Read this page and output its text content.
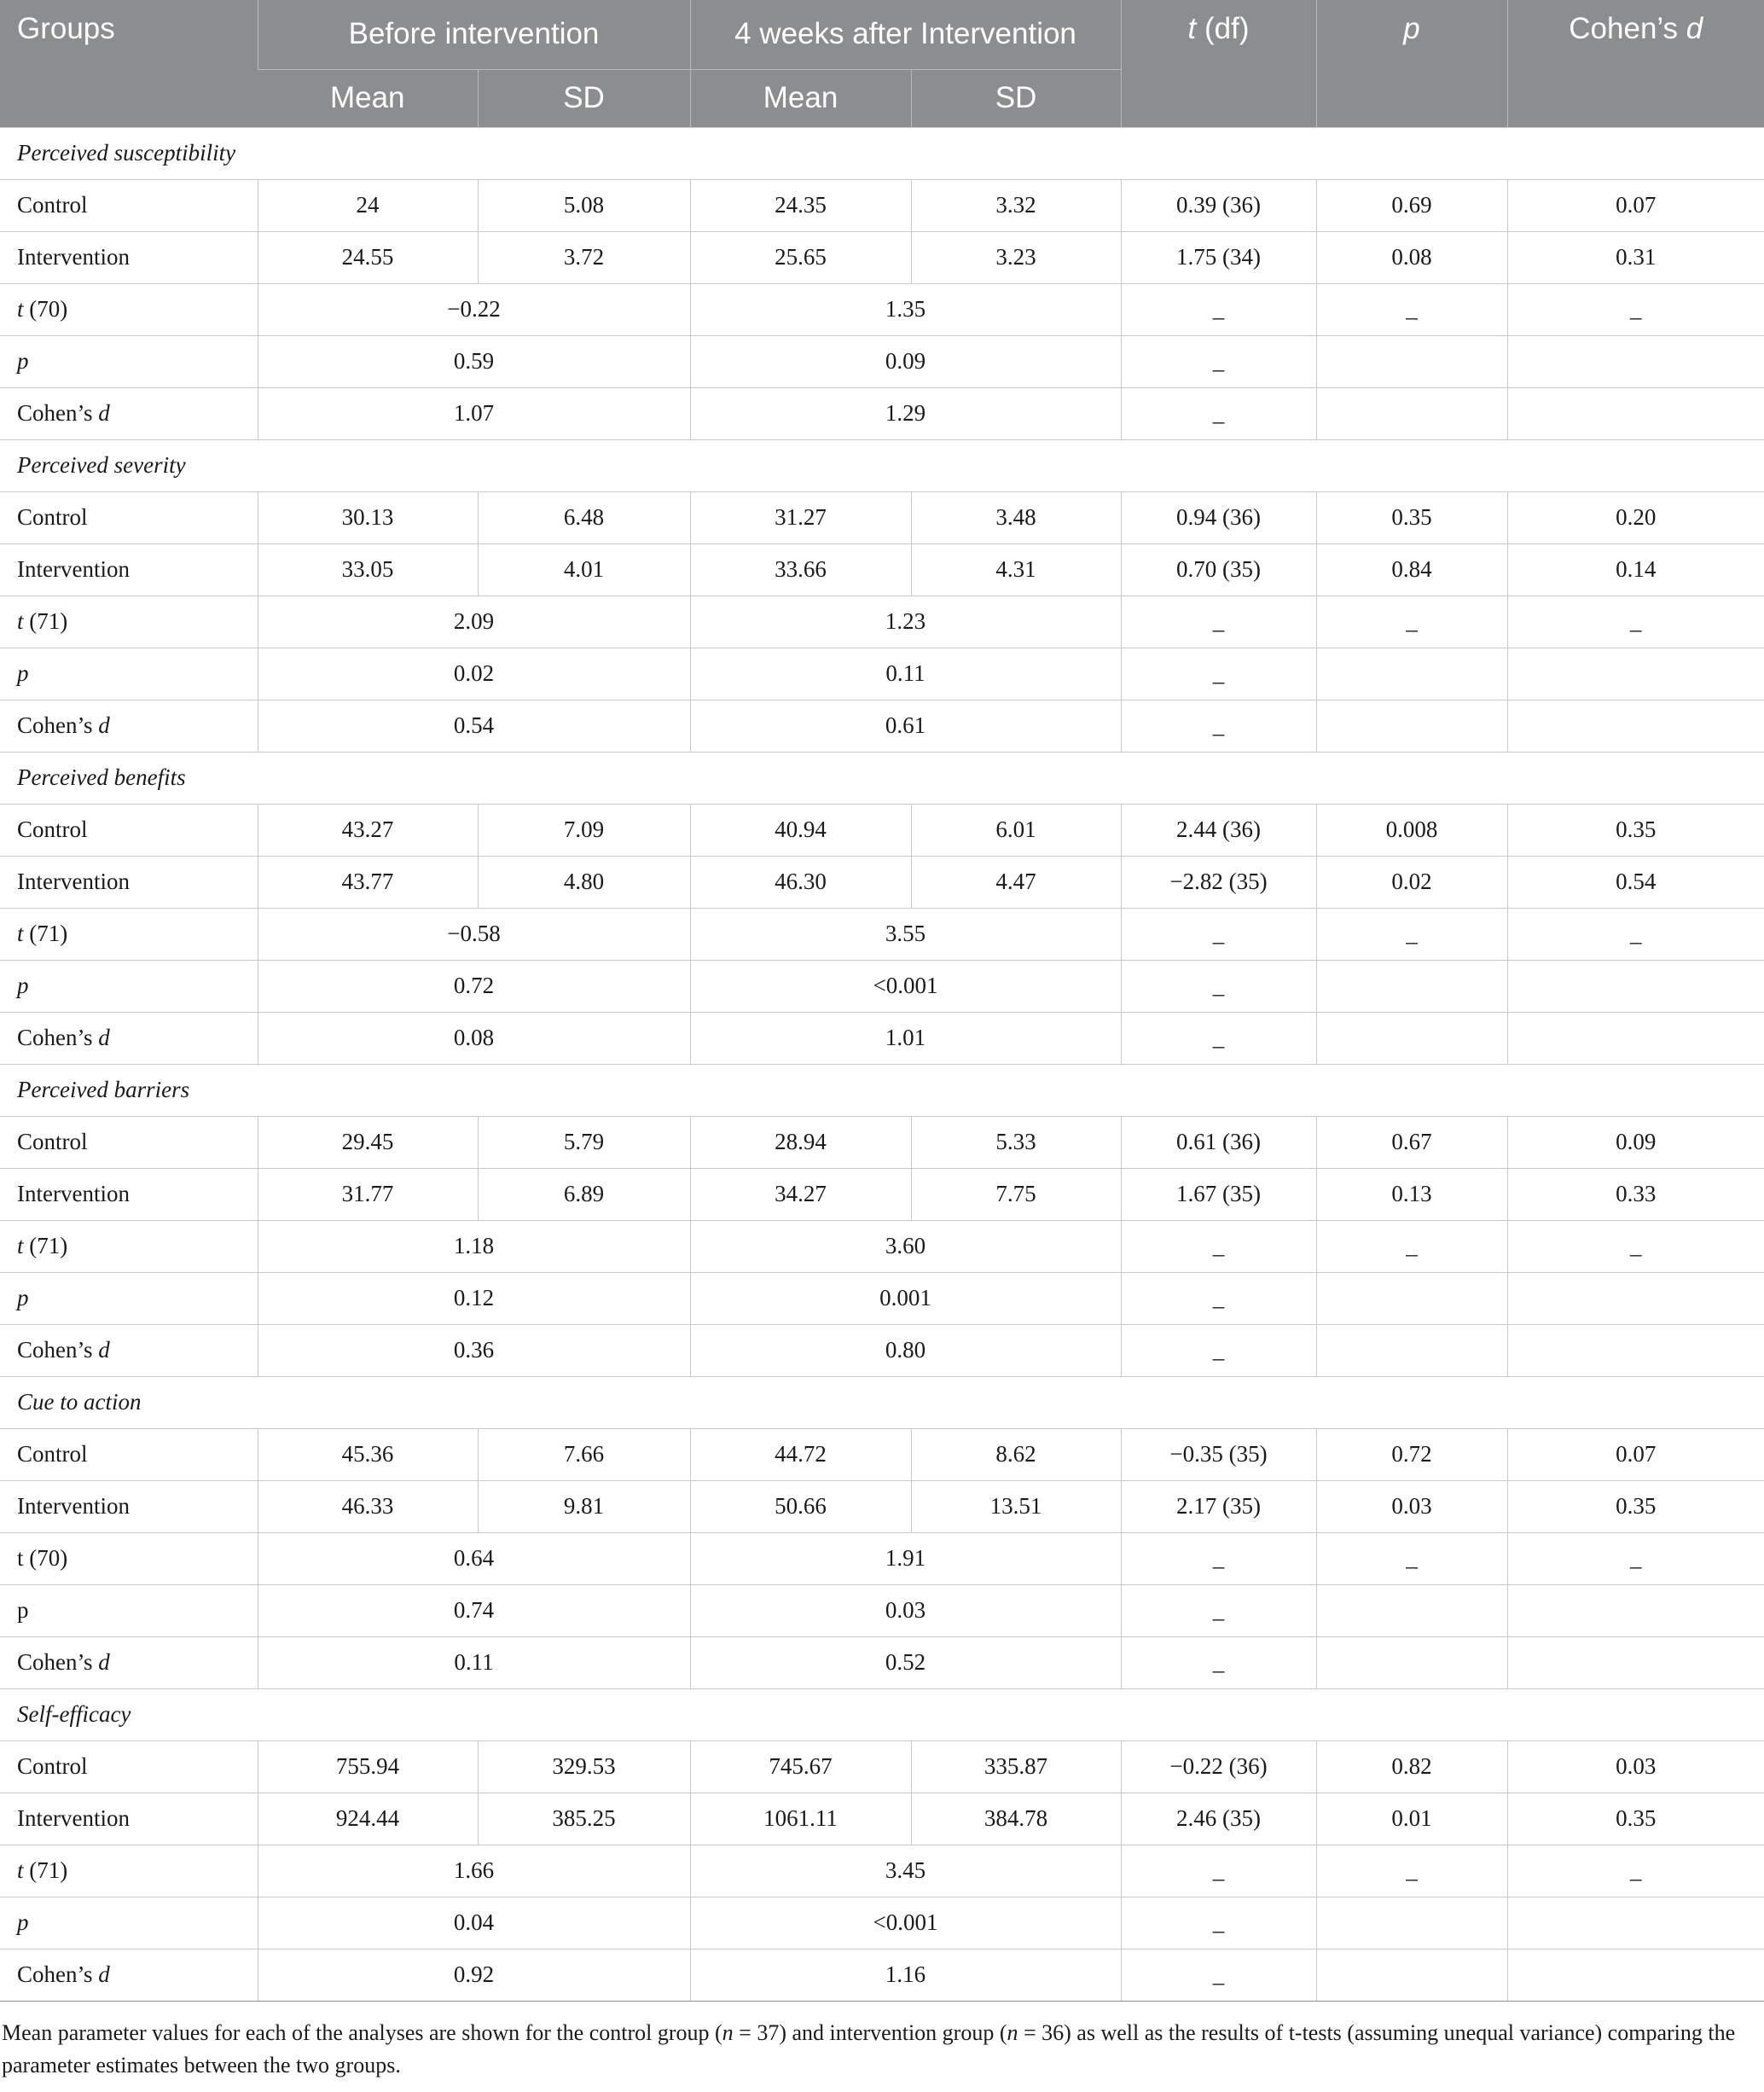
Groups	Before intervention		4 weeks after Intervention		t (df)	p	Cohen’s d
	Mean	SD	Mean	SD			
Perceived susceptibility							
Control	24	5.08	24.35	3.32	0.39 (36)	0.69	0.07
Intervention	24.55	3.72	25.65	3.23	1.75 (34)	0.08	0.31
t (70)	−0.22		1.35		_	_	_
p	0.59		0.09		_		
Cohen’s d	1.07		1.29		_		
Perceived severity							
Control	30.13	6.48	31.27	3.48	0.94 (36)	0.35	0.20
Intervention	33.05	4.01	33.66	4.31	0.70 (35)	0.84	0.14
t (71)	2.09		1.23		_	_	_
p	0.02		0.11		_		
Cohen’s d	0.54		0.61		_		
Perceived benefits							
Control	43.27	7.09	40.94	6.01	2.44 (36)	0.008	0.35
Intervention	43.77	4.80	46.30	4.47	−2.82 (35)	0.02	0.54
t (71)	−0.58		3.55		_	_	_
p	0.72		<0.001		_		
Cohen’s d	0.08		1.01		_		
Perceived barriers							
Control	29.45	5.79	28.94	5.33	0.61 (36)	0.67	0.09
Intervention	31.77	6.89	34.27	7.75	1.67 (35)	0.13	0.33
t (71)	1.18		3.60		_	_	_
p	0.12		0.001		_		
Cohen’s d	0.36		0.80		_		
Cue to action							
Control	45.36	7.66	44.72	8.62	−0.35 (35)	0.72	0.07
Intervention	46.33	9.81	50.66	13.51	2.17 (35)	0.03	0.35
t (70)	0.64		1.91		_	_	_
p	0.74		0.03		_		
Cohen’s d	0.11		0.52		_		
Self-efficacy							
Control	755.94	329.53	745.67	335.87	−0.22 (36)	0.82	0.03
Intervention	924.44	385.25	1061.11	384.78	2.46 (35)	0.01	0.35
t (71)	1.66		3.45		_	_	_
p	0.04		<0.001		_		
Cohen’s d	0.92		1.16		_		
Mean parameter values for each of the analyses are shown for the control group (n = 37) and intervention group (n = 36) as well as the results of t-tests (assuming unequal variance) comparing the parameter estimates between the two groups.
